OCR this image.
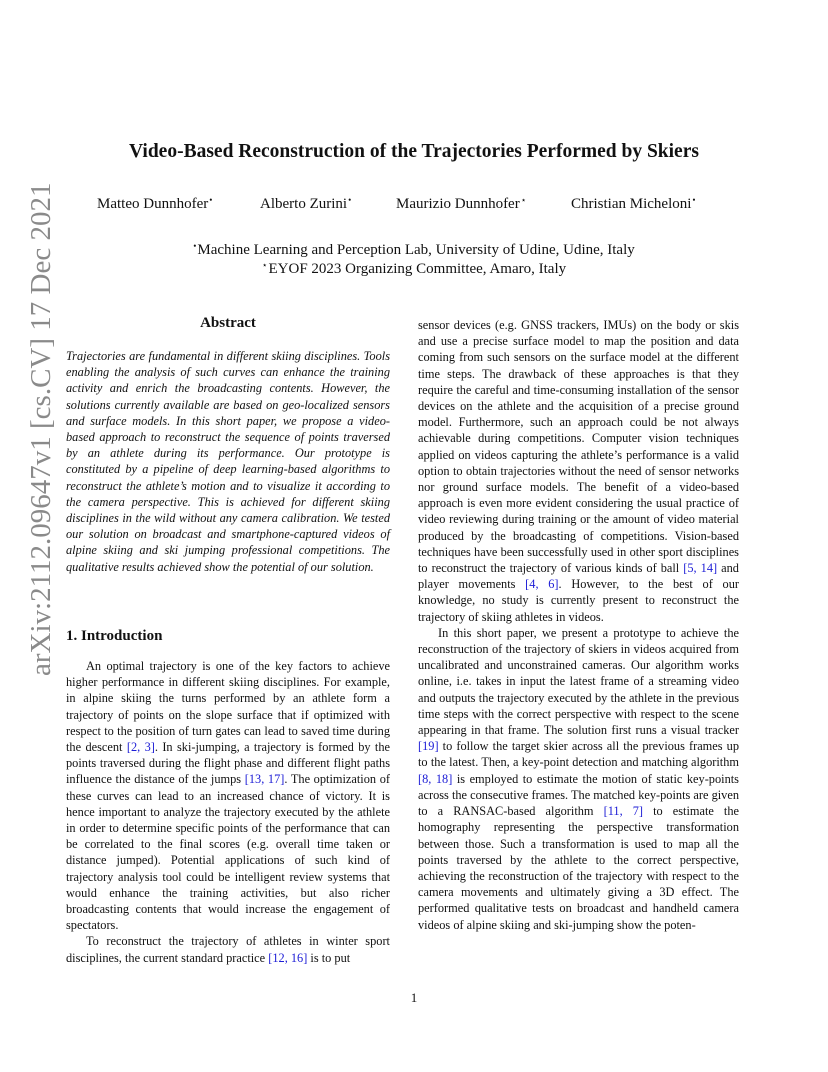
arXiv:2112.09647v1 [cs.CV] 17 Dec 2021
Video-Based Reconstruction of the Trajectories Performed by Skiers
Matteo Dunnhofer•	Alberto Zurini•	Maurizio Dunnhofer⋆	Christian Micheloni•
•Machine Learning and Perception Lab, University of Udine, Udine, Italy
⋆EYOF 2023 Organizing Committee, Amaro, Italy
Abstract
Trajectories are fundamental in different skiing disciplines. Tools enabling the analysis of such curves can enhance the training activity and enrich the broadcasting contents. However, the solutions currently available are based on geo-localized sensors and surface models. In this short paper, we propose a video-based approach to reconstruct the sequence of points traversed by an athlete during its performance. Our prototype is constituted by a pipeline of deep learning-based algorithms to reconstruct the athlete’s motion and to visualize it according to the camera perspective. This is achieved for different skiing disciplines in the wild without any camera calibration. We tested our solution on broadcast and smartphone-captured videos of alpine skiing and ski jumping professional competitions. The qualitative results achieved show the potential of our solution.
1. Introduction

An optimal trajectory is one of the key factors to achieve higher performance in different skiing disciplines. For example, in alpine skiing the turns performed by an athlete form a trajectory of points on the slope surface that if optimized with respect to the position of turn gates can lead to saved time during the descent [2, 3]. In ski-jumping, a trajectory is formed by the points traversed during the flight phase and different flight paths influence the distance of the jumps [13, 17]. The optimization of these curves can lead to an increased chance of victory. It is hence important to analyze the trajectory executed by the athlete in order to determine specific points of the performance that can be correlated to the final scores (e.g. overall time taken or distance jumped). Potential applications of such kind of trajectory analysis tool could be intelligent review systems that would enhance the training activities, but also richer broadcasting contents that would increase the engagement of spectators.

To reconstruct the trajectory of athletes in winter sport disciplines, the current standard practice [12, 16] is to put

sensor devices (e.g. GNSS trackers, IMUs) on the body or skis and use a precise surface model to map the position and data coming from such sensors on the surface model at the different time steps. The drawback of these approaches is that they require the careful and time-consuming installation of the sensor devices on the athlete and the acquisition of a precise ground model. Furthermore, such an approach could be not always achievable during competitions. Computer vision techniques applied on videos capturing the athlete’s performance is a valid option to obtain trajectories without the need of sensor networks nor ground surface models. The benefit of a video-based approach is even more evident considering the usual practice of video reviewing during training or the amount of video material produced by the broadcasting of competitions. Vision-based techniques have been successfully used in other sport disciplines to reconstruct the trajectory of various kinds of ball [5, 14] and player movements [4, 6]. However, to the best of our knowledge, no study is currently present to reconstruct the trajectory of skiing athletes in videos.

In this short paper, we present a prototype to achieve the reconstruction of the trajectory of skiers in videos acquired from uncalibrated and unconstrained cameras. Our algorithm works online, i.e. takes in input the latest frame of a streaming video and outputs the trajectory executed by the athlete in the previous time steps with the correct perspective with respect to the scene appearing in that frame. The solution first runs a visual tracker [19] to follow the target skier across all the previous frames up to the latest. Then, a key-point detection and matching algorithm [8, 18] is employed to estimate the motion of static key-points across the consecutive frames. The matched key-points are given to a RANSAC-based algorithm [11, 7] to estimate the homography representing the perspective transformation between those. Such a transformation is used to map all the points traversed by the athlete to the correct perspective, achieving the reconstruction of the trajectory with respect to the camera movements and ultimately giving a 3D effect. The performed qualitative tests on broadcast and handheld camera videos of alpine skiing and ski-jumping show the poten-

1
